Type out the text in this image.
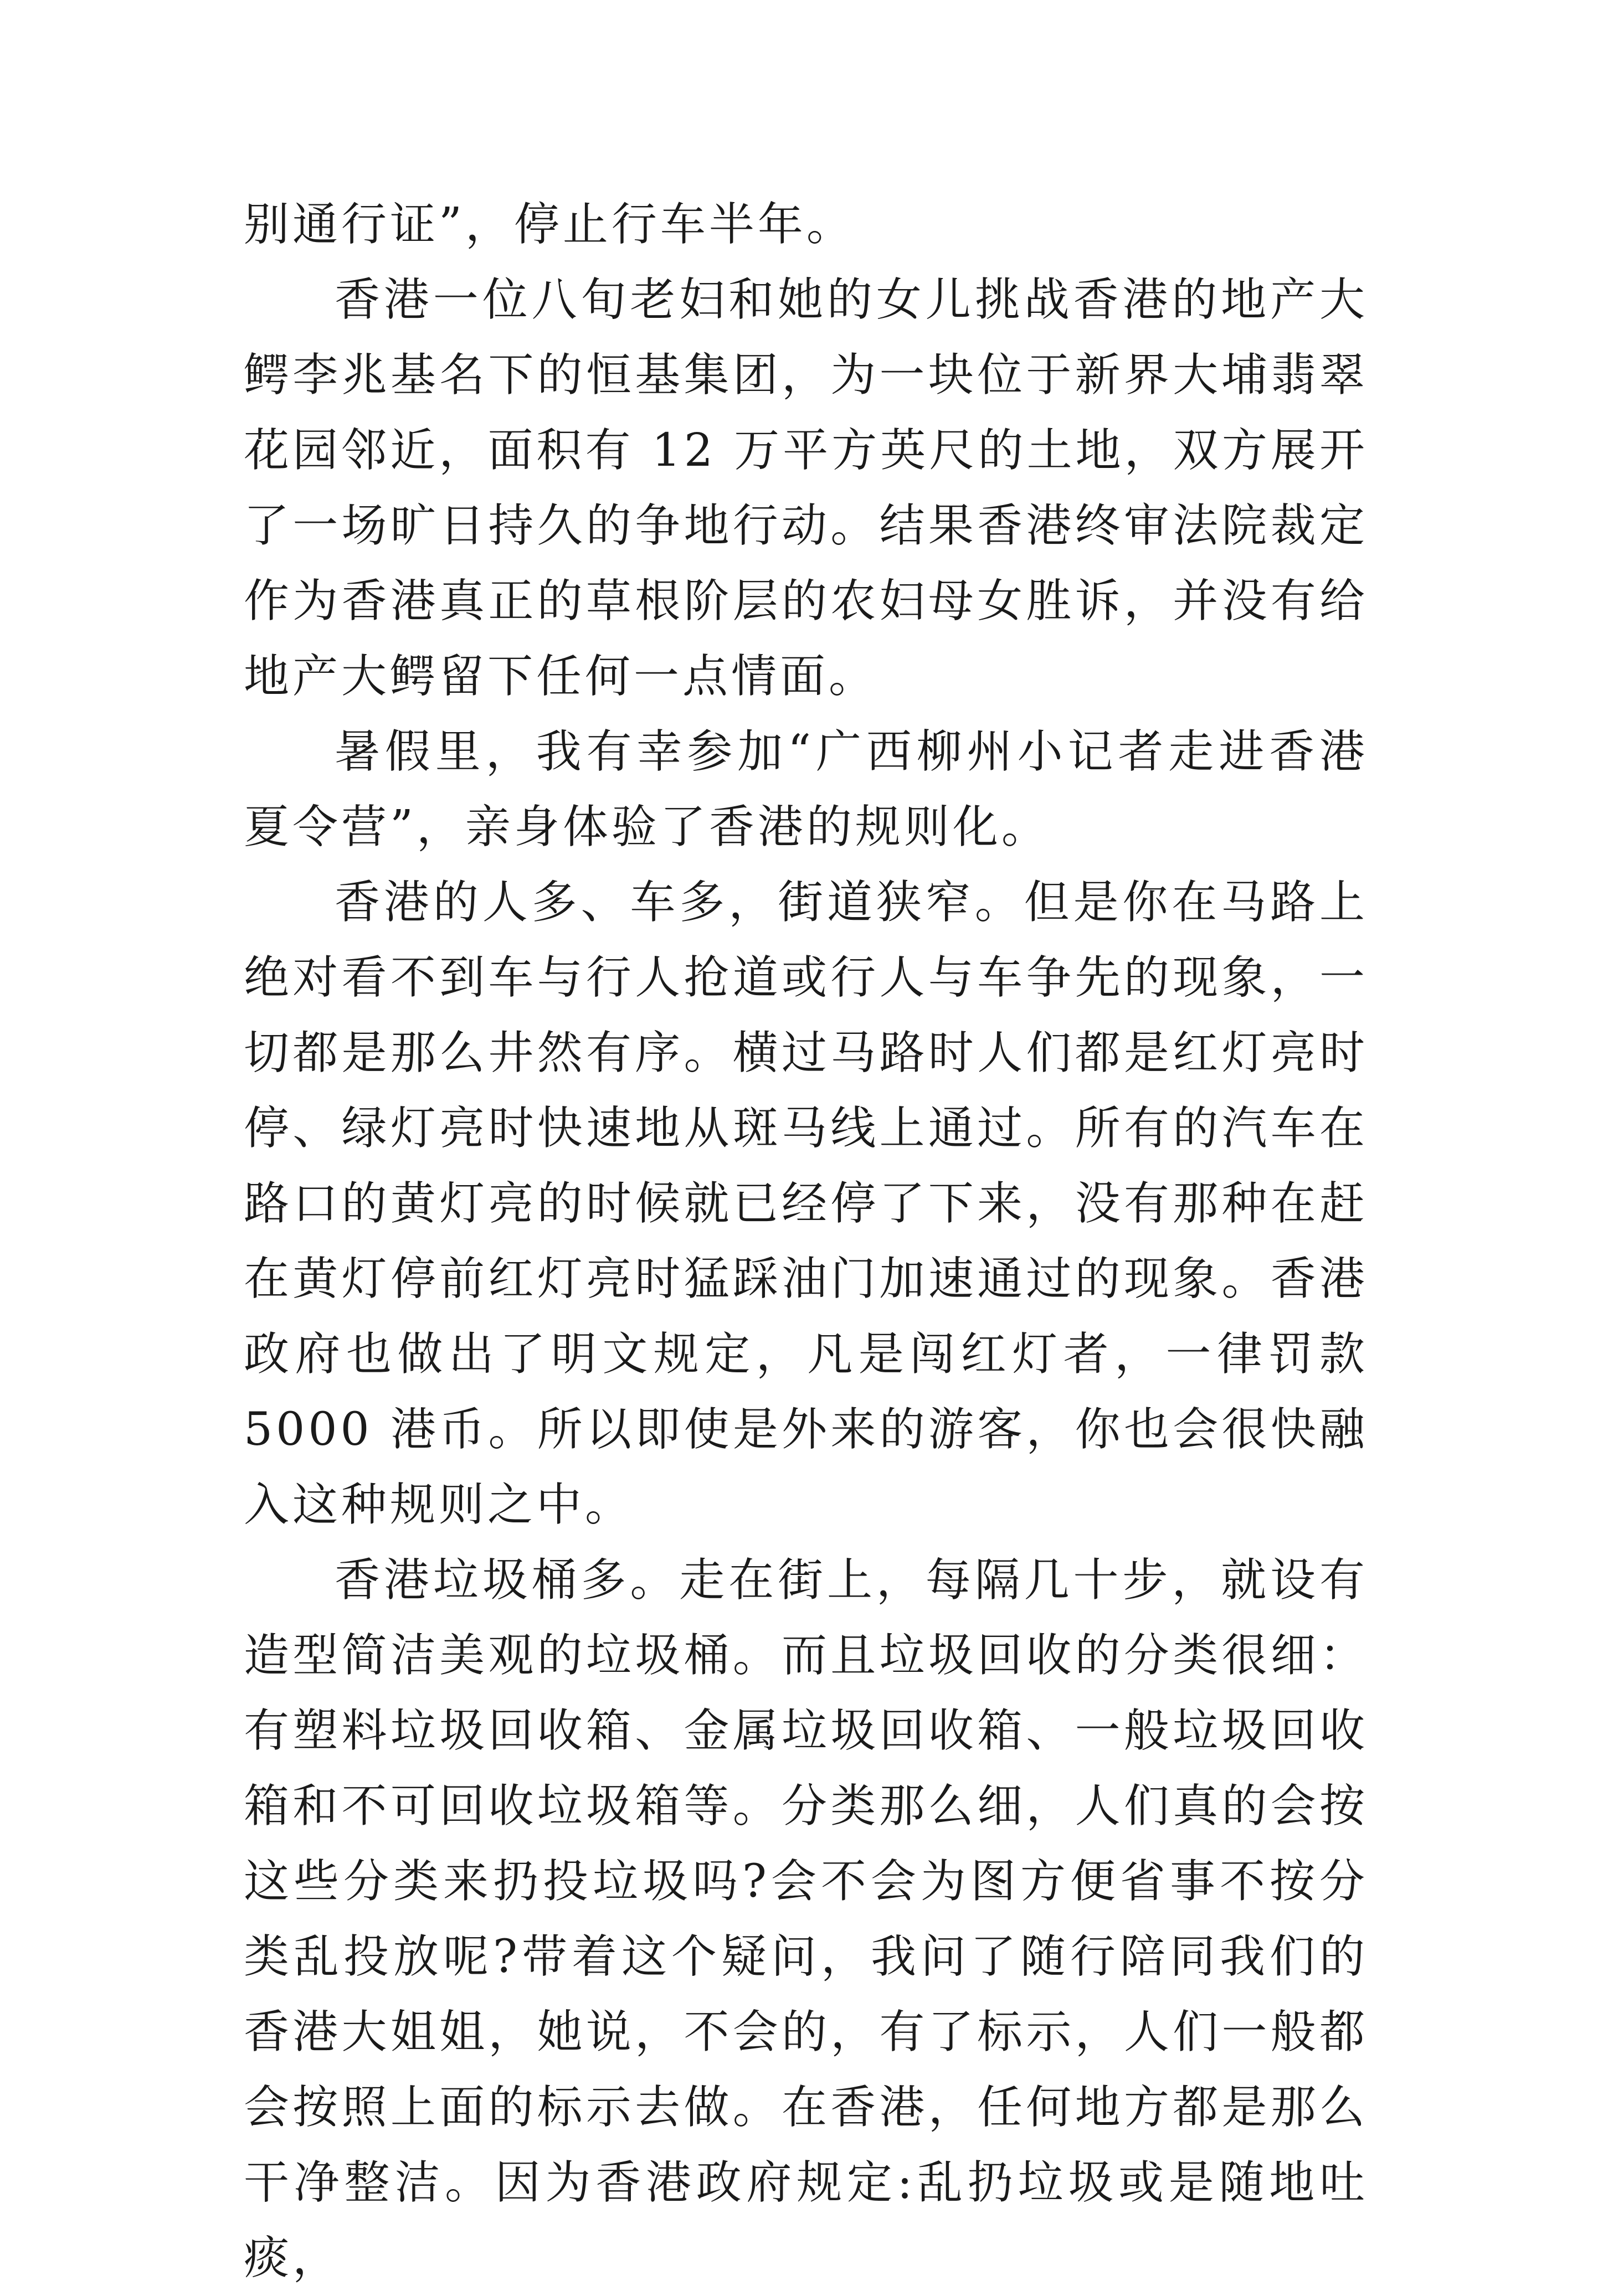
别通行证”，停止行车半年。

香港一位八旬老妇和她的女儿挑战香港的地产大鳄李兆基名下的恒基集团，为一块位于新界大埔翡翠花园邻近，面积有 12 万平方英尺的土地，双方展开了一场旷日持久的争地行动。结果香港终审法院裁定作为香港真正的草根阶层的农妇母女胜诉，并没有给地产大鳄留下任何一点情面。

暑假里，我有幸参加“广西柳州小记者走进香港夏令营”，亲身体验了香港的规则化。

香港的人多、车多，街道狭窄。但是你在马路上绝对看不到车与行人抢道或行人与车争先的现象，一切都是那么井然有序。横过马路时人们都是红灯亮时停、绿灯亮时快速地从斑马线上通过。所有的汽车在路口的黄灯亮的时候就已经停了下来，没有那种在赶在黄灯停前红灯亮时猛踩油门加速通过的现象。香港政府也做出了明文规定，凡是闯红灯者，一律罚款 5000 港币。所以即使是外来的游客，你也会很快融入这种规则之中。

香港垃圾桶多。走在街上，每隔几十步，就设有造型简洁美观的垃圾桶。而且垃圾回收的分类很细：有塑料垃圾回收箱、金属垃圾回收箱、一般垃圾回收箱和不可回收垃圾箱等。分类那么细，人们真的会按这些分类来扔投垃圾吗?会不会为图方便省事不按分类乱投放呢?带着这个疑问，我问了随行陪同我们的香港大姐姐，她说，不会的，有了标示，人们一般都会按照上面的标示去做。在香港，任何地方都是那么干净整洁。因为香港政府规定:乱扔垃圾或是随地吐痰，
